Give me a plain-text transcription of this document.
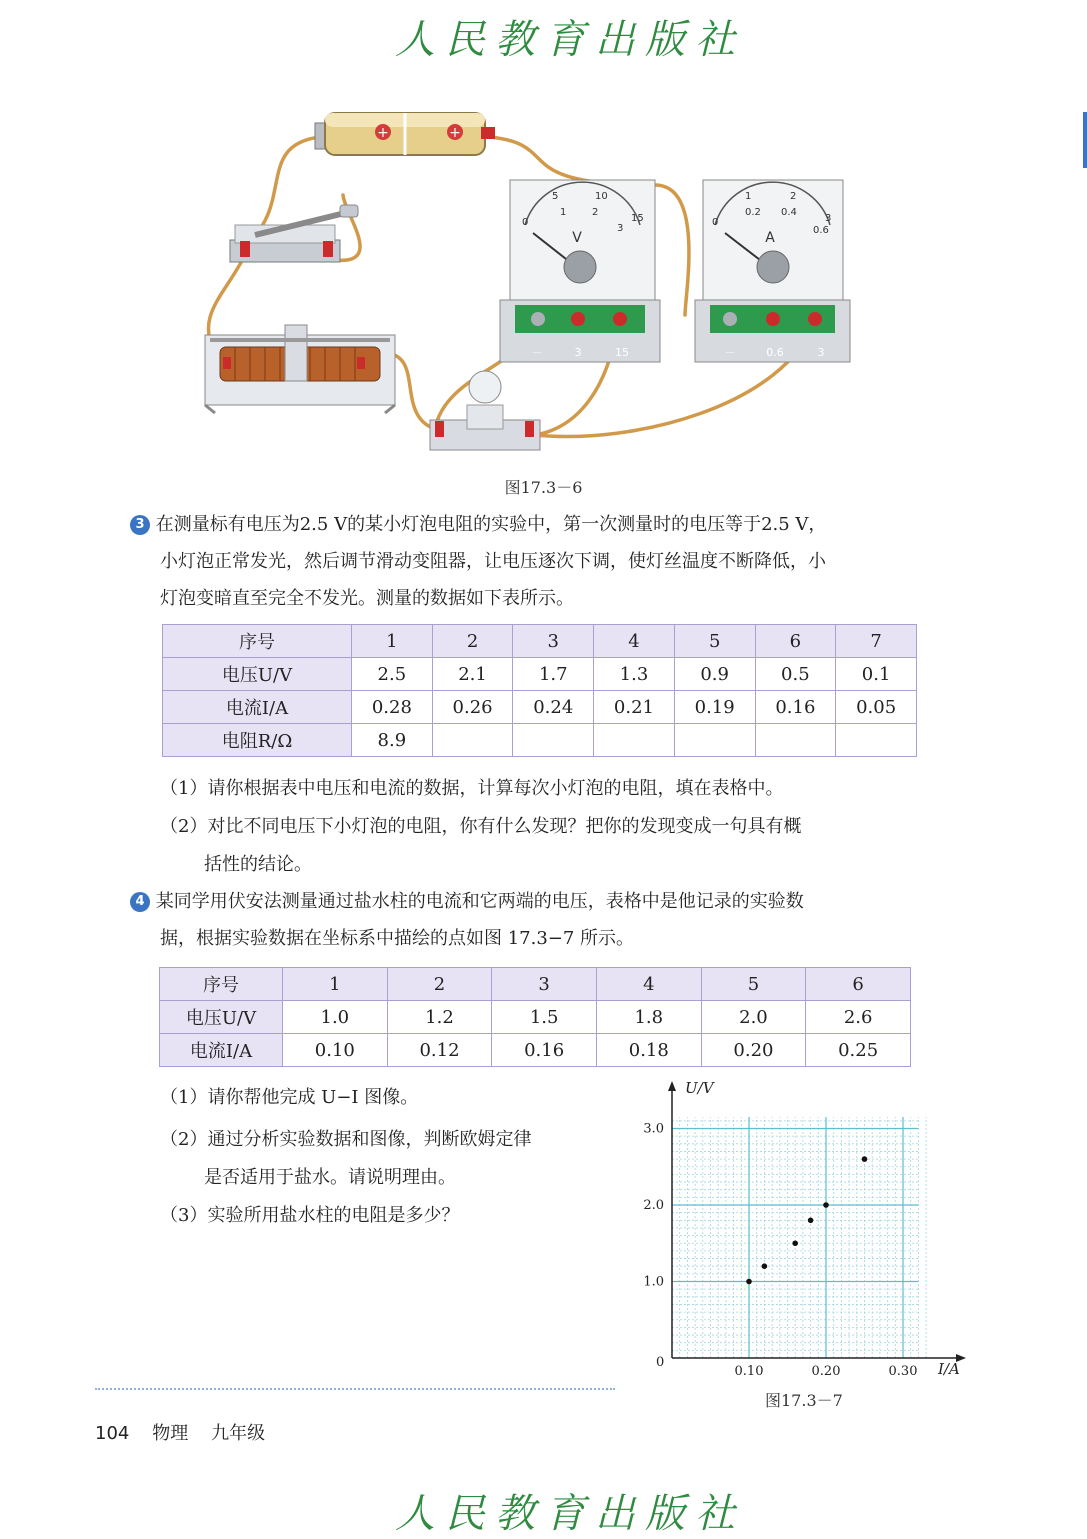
人民教育出版社
+	+
V
0
5	10
15
1	2
3
－	3	15
A
0
1	2
3
0.2 0.4
0.6
－	0.6	3
图17.3－6
3 在测量标有电压为2.5 V的某小灯泡电阻的实验中，第一次测量时的电压等于2.5 V，
小灯泡正常发光，然后调节滑动变阻器，让电压逐次下调，使灯丝温度不断降低，小
灯泡变暗直至完全不发光。测量的数据如下表所示。
序号	1	2	3	4	5	6	7
电压U/V	2.5	2.1	1.7	1.3	0.9	0.5	0.1
电流I/A	0.28	0.26	0.24	0.21	0.19	0.16	0.05
电阻R/Ω	8.9						
（1）请你根据表中电压和电流的数据，计算每次小灯泡的电阻，填在表格中。
（2）对比不同电压下小灯泡的电阻，你有什么发现？把你的发现变成一句具有概
括性的结论。
4 某同学用伏安法测量通过盐水柱的电流和它两端的电压，表格中是他记录的实验数
据，根据实验数据在坐标系中描绘的点如图 17.3−7 所示。
序号	1	2	3	4	5	6
电压U/V	1.0	1.2	1.5	1.8	2.0	2.6
电流I/A	0.10	0.12	0.16	0.18	0.20	0.25
（1）请你帮他完成 U−I 图像。
（2）通过分析实验数据和图像，判断欧姆定律
是否适用于盐水。请说明理由。
（3）实验所用盐水柱的电阻是多少？
0.10	0.20	0.30
1.0
2.0
3.0
U/V
I/A
0
图17.3－7
104 物理 九年级
人民教育出版社
